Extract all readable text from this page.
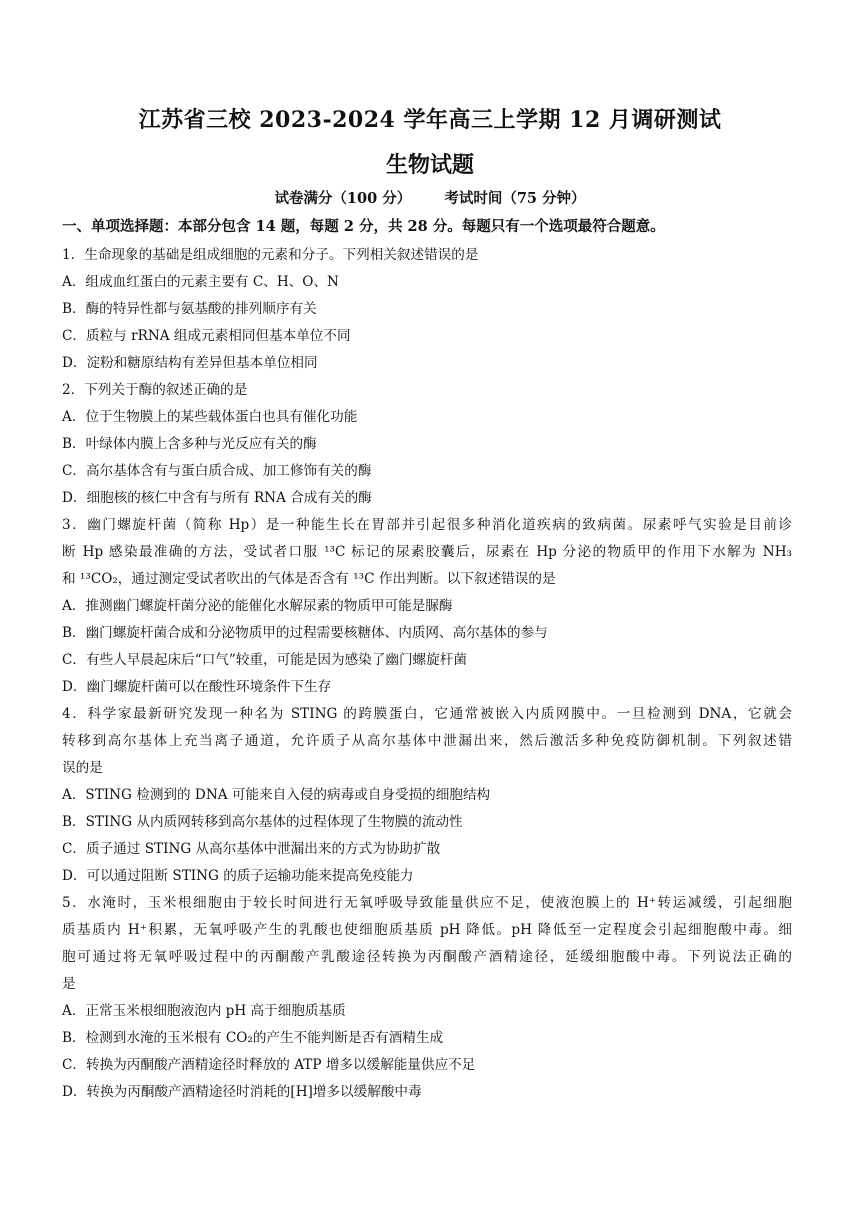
江苏省三校 2023-2024 学年高三上学期 12 月调研测试
生物试题
试卷满分（100 分） 考试时间（75 分钟）
一、单项选择题：本部分包含 14 题，每题 2 分，共 28 分。每题只有一个选项最符合题意。
1．生命现象的基础是组成细胞的元素和分子。下列相关叙述错误的是
A．组成血红蛋白的元素主要有 C、H、O、N
B．酶的特异性都与氨基酸的排列顺序有关
C．质粒与 rRNA 组成元素相同但基本单位不同
D．淀粉和糖原结构有差异但基本单位相同
2．下列关于酶的叙述正确的是
A．位于生物膜上的某些载体蛋白也具有催化功能
B．叶绿体内膜上含多种与光反应有关的酶
C．高尔基体含有与蛋白质合成、加工修饰有关的酶
D．细胞核的核仁中含有与所有 RNA 合成有关的酶
3．幽门螺旋杆菌（简称 Hp）是一种能生长在胃部并引起很多种消化道疾病的致病菌。尿素呼气实验是目前诊
断 Hp 感染最准确的方法，受试者口服 ¹³C 标记的尿素胶囊后，尿素在 Hp 分泌的物质甲的作用下水解为 NH₃
和 ¹³CO₂，通过测定受试者吹出的气体是否含有 ¹³C 作出判断。以下叙述错误的是
A．推测幽门螺旋杆菌分泌的能催化水解尿素的物质甲可能是脲酶
B．幽门螺旋杆菌合成和分泌物质甲的过程需要核糖体、内质网、高尔基体的参与
C．有些人早晨起床后“口气”较重，可能是因为感染了幽门螺旋杆菌
D．幽门螺旋杆菌可以在酸性环境条件下生存
4．科学家最新研究发现一种名为 STING 的跨膜蛋白，它通常被嵌入内质网膜中。一旦检测到 DNA，它就会
转移到高尔基体上充当离子通道，允许质子从高尔基体中泄漏出来，然后激活多种免疫防御机制。下列叙述错
误的是
A．STING 检测到的 DNA 可能来自入侵的病毒或自身受损的细胞结构
B．STING 从内质网转移到高尔基体的过程体现了生物膜的流动性
C．质子通过 STING 从高尔基体中泄漏出来的方式为协助扩散
D．可以通过阻断 STING 的质子运输功能来提高免疫能力
5．水淹时，玉米根细胞由于较长时间进行无氧呼吸导致能量供应不足，使液泡膜上的 H⁺转运减缓，引起细胞
质基质内 H⁺积累，无氧呼吸产生的乳酸也使细胞质基质 pH 降低。pH 降低至一定程度会引起细胞酸中毒。细
胞可通过将无氧呼吸过程中的丙酮酸产乳酸途径转换为丙酮酸产酒精途径，延缓细胞酸中毒。下列说法正确的
是
A．正常玉米根细胞液泡内 pH 高于细胞质基质
B．检测到水淹的玉米根有 CO₂的产生不能判断是否有酒精生成
C．转换为丙酮酸产酒精途径时释放的 ATP 增多以缓解能量供应不足
D．转换为丙酮酸产酒精途径时消耗的[H]增多以缓解酸中毒
